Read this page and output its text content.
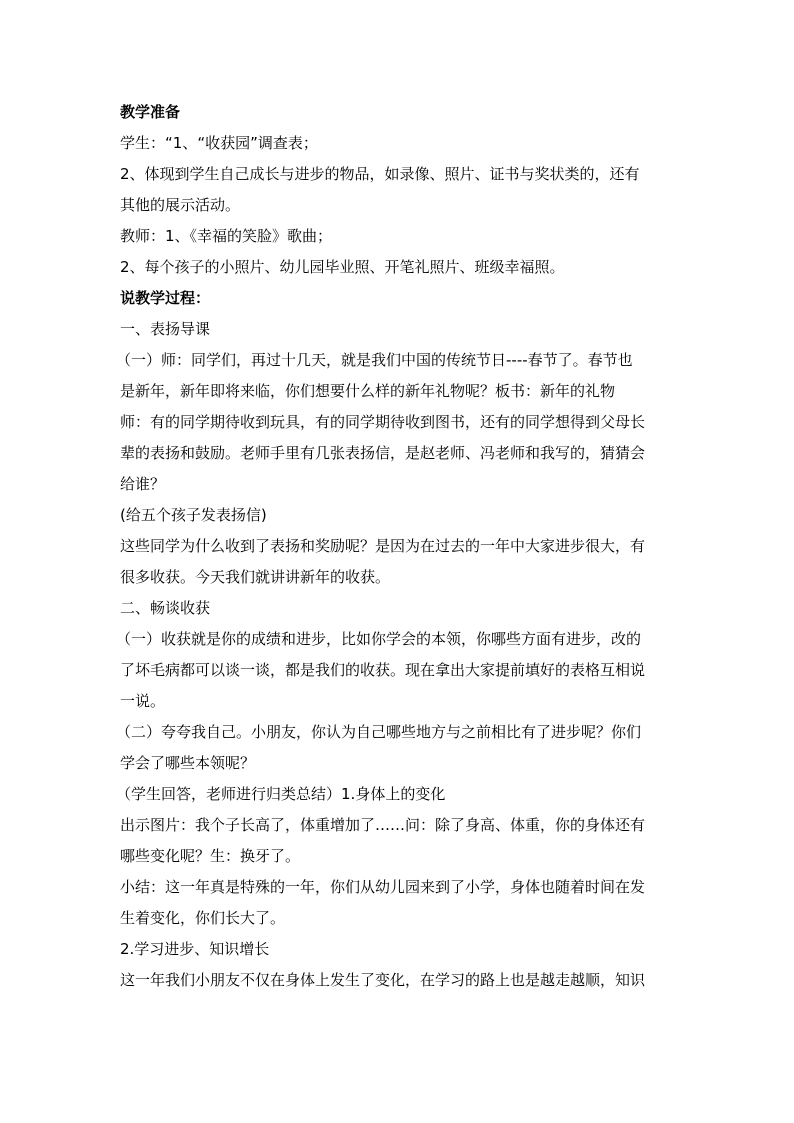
教学准备

学生：“1、“收获园”调查表；

2、体现到学生自己成长与进步的物品，如录像、照片、证书与奖状类的，还有

其他的展示活动。

教师：1、《幸福的笑脸》歌曲；

2、每个孩子的小照片、幼儿园毕业照、开笔礼照片、班级幸福照。

说教学过程：

一、表扬导课

（一）师：同学们，再过十几天，就是我们中国的传统节日----春节了。春节也

是新年，新年即将来临，你们想要什么样的新年礼物呢？板书：新年的礼物

师：有的同学期待收到玩具，有的同学期待收到图书，还有的同学想得到父母长

辈的表扬和鼓励。老师手里有几张表扬信，是赵老师、冯老师和我写的，猜猜会

给谁？

(给五个孩子发表扬信)

这些同学为什么收到了表扬和奖励呢？是因为在过去的一年中大家进步很大，有

很多收获。今天我们就讲讲新年的收获。

二、畅谈收获

（一）收获就是你的成绩和进步，比如你学会的本领，你哪些方面有进步，改的

了坏毛病都可以谈一谈，都是我们的收获。现在拿出大家提前填好的表格互相说

一说。

（二）夸夸我自己。小朋友，你认为自己哪些地方与之前相比有了进步呢？你们

学会了哪些本领呢？

（学生回答，老师进行归类总结）1.身体上的变化

出示图片：我个子长高了，体重增加了……问：除了身高、体重，你的身体还有

哪些变化呢？生：换牙了。

小结：这一年真是特殊的一年，你们从幼儿园来到了小学，身体也随着时间在发

生着变化，你们长大了。

2.学习进步、知识增长

这一年我们小朋友不仅在身体上发生了变化，在学习的路上也是越走越顺，知识
